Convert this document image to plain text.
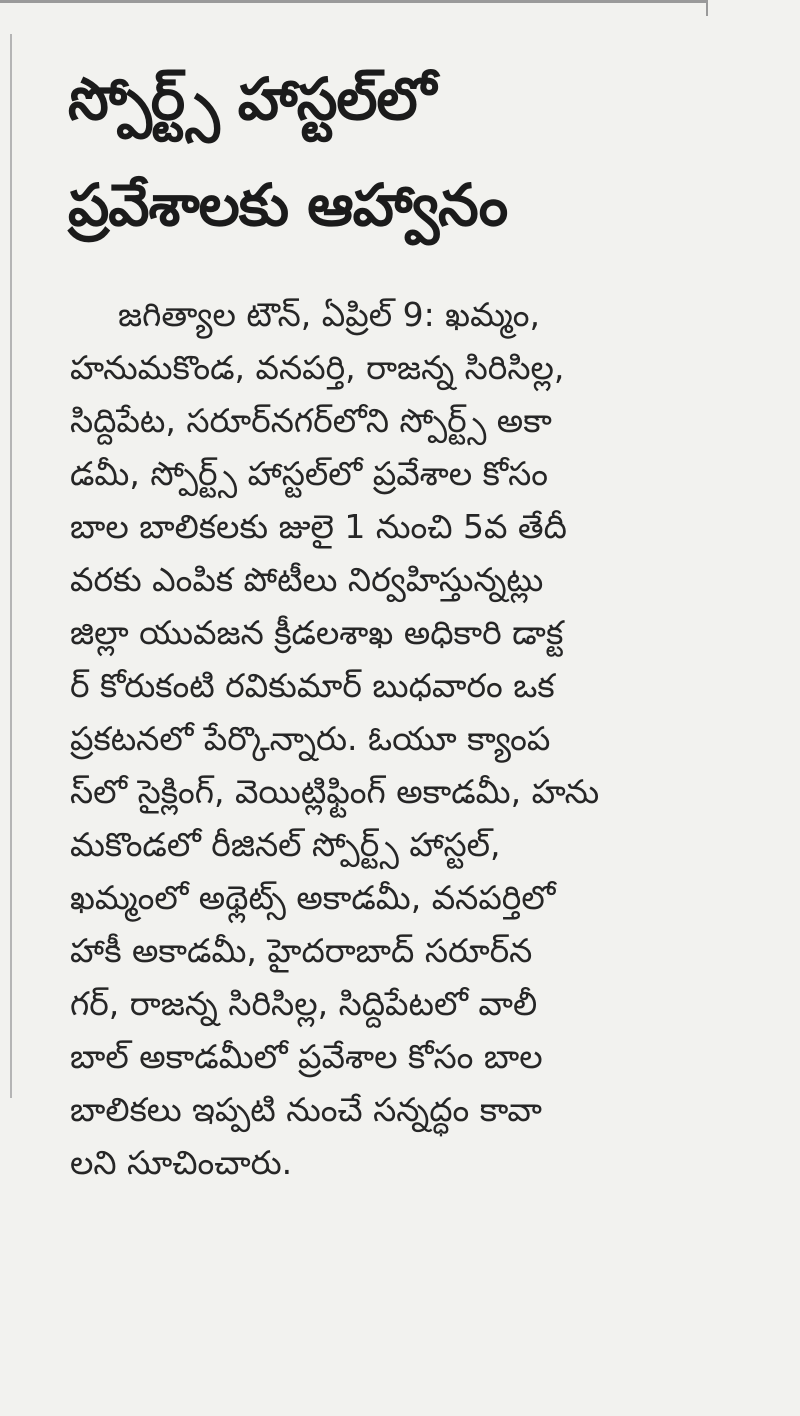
స్పోర్ట్స్ హాస్టల్‌లో
ప్రవేశాలకు ఆహ్వానం
జగిత్యాల టౌన్, ఏప్రిల్ 9: ఖమ్మం,
హనుమకొండ, వనపర్తి, రాజన్న సిరిసిల్ల,
సిద్దిపేట, సరూర్‌నగర్‌లోని స్పోర్ట్స్ అకా
డమీ, స్పోర్ట్స్ హాస్టల్‌లో ప్రవేశాల కోసం
బాల బాలికలకు జులై 1 నుంచి 5వ తేదీ
వరకు ఎంపిక పోటీలు నిర్వహిస్తున్నట్లు
జిల్లా యువజన క్రీడలశాఖ అధికారి డాక్ట
ర్ కోరుకంటి రవికుమార్ బుధవారం ఒక
ప్రకటనలో పేర్కొన్నారు. ఓయూ క్యాంప
స్‌లో సైక్లింగ్, వెయిట్లిఫ్టింగ్ అకాడమీ, హను
మకొండలో రీజినల్ స్పోర్ట్స్ హాస్టల్,
ఖమ్మంలో అథ్లెట్స్ అకాడమీ, వనపర్తిలో
హాకీ అకాడమీ, హైదరాబాద్ సరూర్‌న
గర్, రాజన్న సిరిసిల్ల, సిద్దిపేటలో వాలీ
బాల్ అకాడమీలో ప్రవేశాల కోసం బాల
బాలికలు ఇప్పటి నుంచే సన్నద్ధం కావా
లని సూచించారు.
